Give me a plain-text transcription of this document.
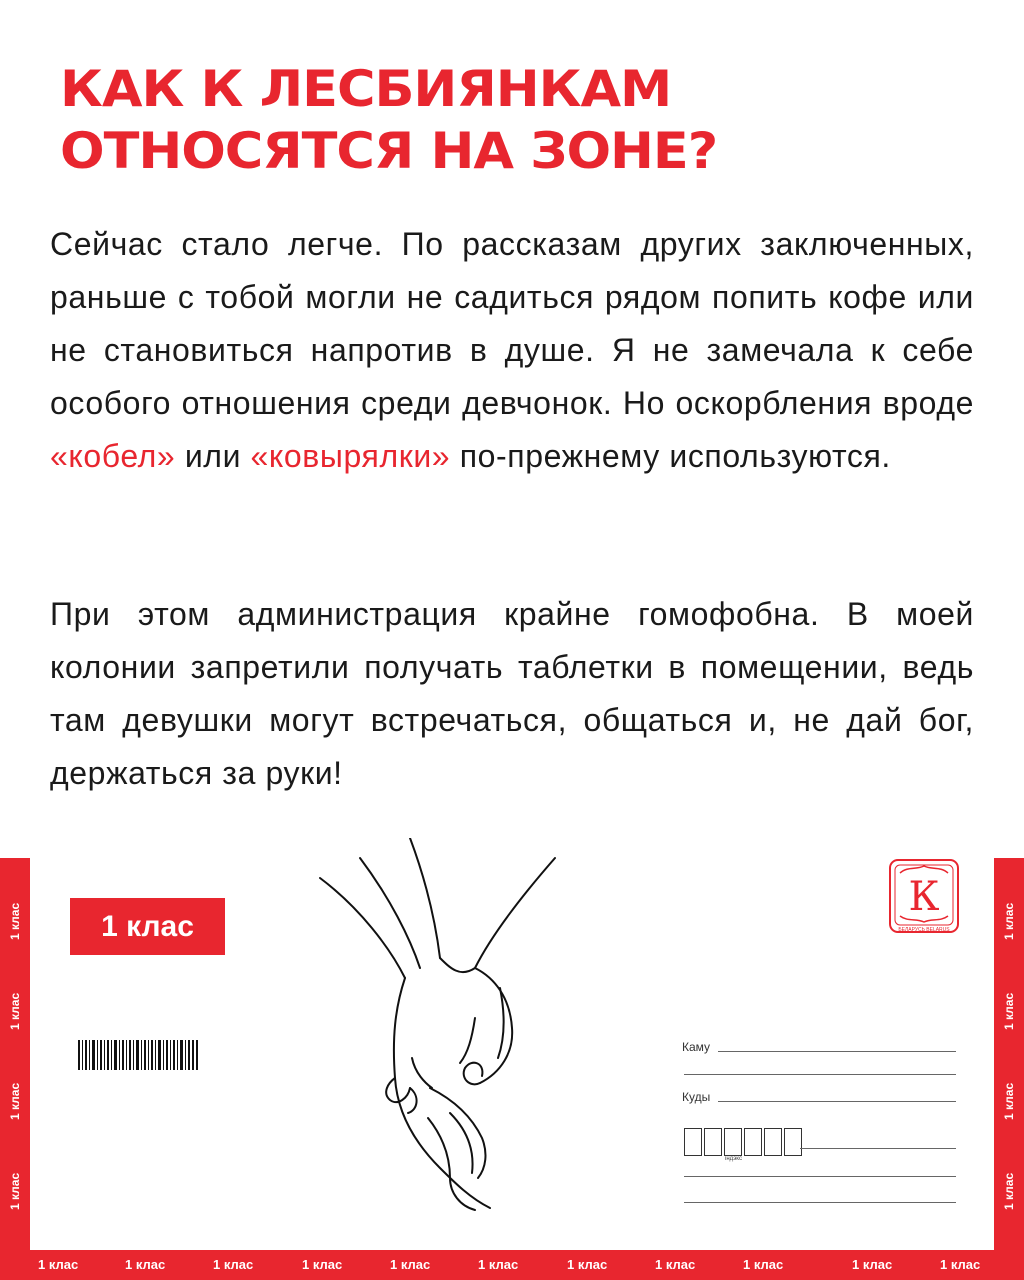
КАК К ЛЕСБИЯНКАМ
ОТНОСЯТСЯ НА ЗОНЕ?
Сейчас стало легче. По рассказам других заключенных, раньше с тобой могли не садиться рядом попить кофе или не становиться напротив в душе. Я не замечала к себе особого отношения среди девчонок. Но оскорбления вроде «кобел» или «ковырялки» по-прежнему используются.
При этом администрация крайне гомофобна. В моей колонии запретили получать таблетки в помещении, ведь там девушки могут встречаться, общаться и, не дай бог, держаться за руки!
1 клас
1 клас
1 клас
1 клас
1 клас
1 клас
1 клас
1 клас
1 клас	1 клас	1 клас	1 клас	1 клас	1 клас	1 клас	1 клас	1 клас	1 клас	1 клас
1 клас
К
БЕЛАРУСЬ BELARUS
Каму
Куды
індэкс
